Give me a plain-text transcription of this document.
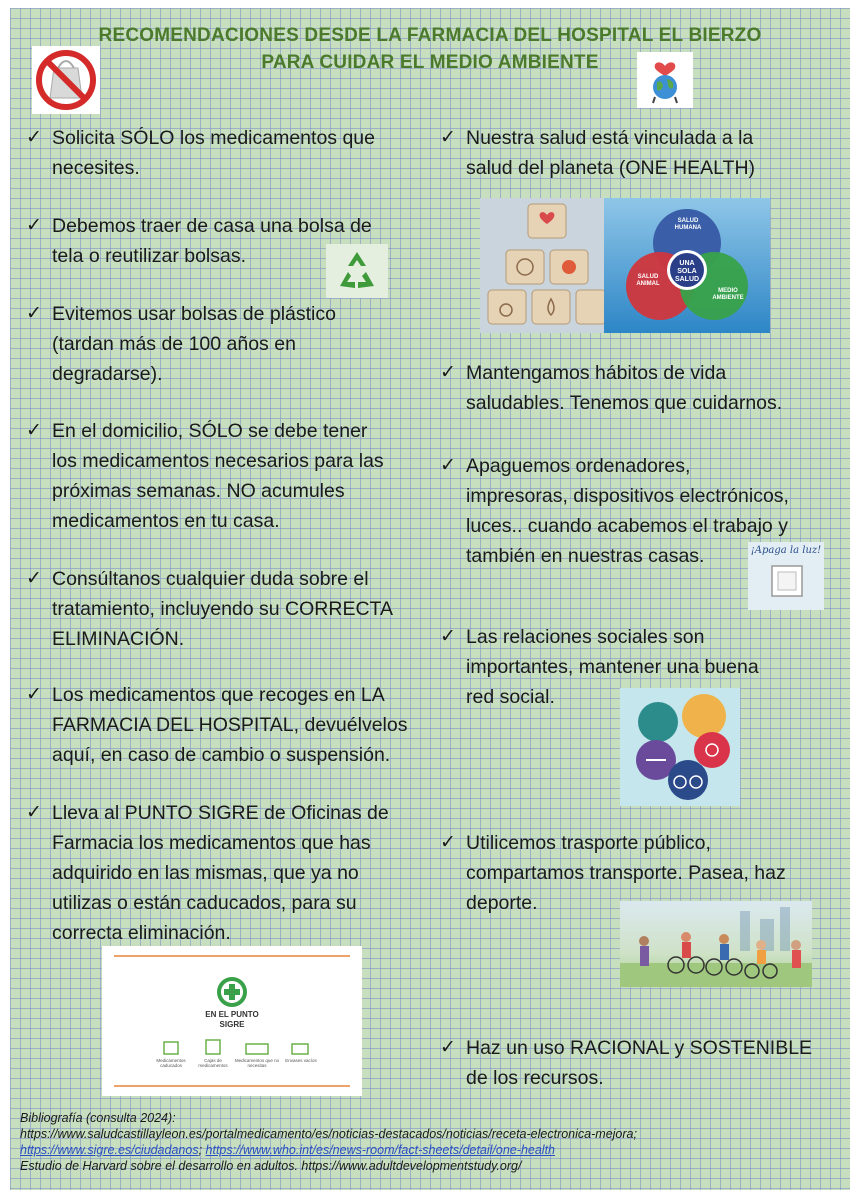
RECOMENDACIONES DESDE LA FARMACIA DEL HOSPITAL EL BIERZO
PARA CUIDAR EL MEDIO AMBIENTE
✓ Solicita SÓLO los medicamentos que
necesites.
✓ Debemos traer de casa una bolsa de
tela o reutilizar bolsas.
✓ Evitemos usar bolsas de plástico
(tardan más de 100 años en
degradarse).
✓ En el domicilio, SÓLO se debe tener
los medicamentos necesarios para las
próximas semanas. NO acumules
medicamentos en tu casa.
✓ Consúltanos cualquier duda sobre el
tratamiento, incluyendo su CORRECTA
ELIMINACIÓN.
✓ Los medicamentos que recoges en LA
FARMACIA DEL HOSPITAL, devuélvelos
aquí, en caso de cambio o suspensión.
✓ Lleva al PUNTO SIGRE de Oficinas de
Farmacia los medicamentos que has
adquirido en las mismas, que ya no
utilizas o están caducados, para su
correcta eliminación.
EN EL PUNTO
SIGRE
Medicamentos caducados
Cajas de medicamentos
Medicamentos que no necesitas
Envases vacíos
✓ Nuestra salud está vinculada a la
salud del planeta (ONE HEALTH)
SALUD HUMANA
SALUD ANIMAL
MEDIO AMBIENTE
UNA SOLA SALUD
✓ Mantengamos hábitos de vida
saludables. Tenemos que cuidarnos.
✓ Apaguemos ordenadores,
impresoras, dispositivos electrónicos,
luces.. cuando acabemos el trabajo y
también en nuestras casas.	¡Apaga la luz!
✓ Las relaciones sociales son
importantes, mantener una buena
red social.
✓ Utilicemos trasporte público,
compartamos transporte. Pasea, haz
deporte.
✓ Haz un uso RACIONAL y SOSTENIBLE
de los recursos.
Bibliografía (consulta 2024):
https://www.saludcastillayleon.es/portalmedicamento/es/noticias-destacados/noticias/receta-electronica-mejora;
https://www.sigre.es/ciudadanos; https://www.who.int/es/news-room/fact-sheets/detail/one-health
Estudio de Harvard sobre el desarrollo en adultos. https://www.adultdevelopmentstudy.org/
